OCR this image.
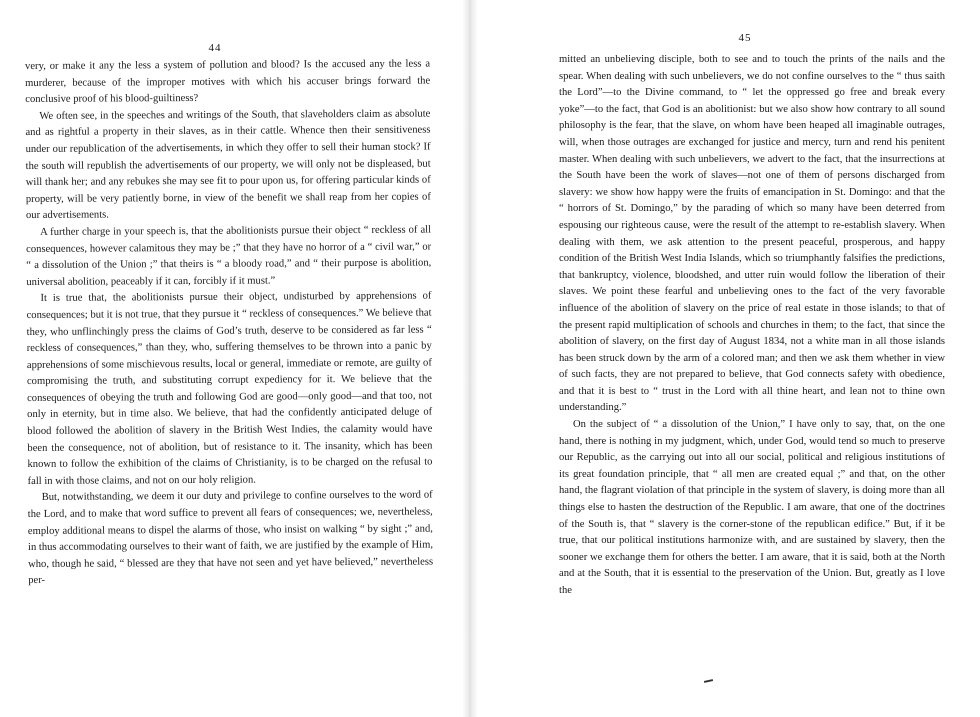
44

very, or make it any the less a system of pollution and blood? Is the accused any the less a murderer, because of the improper motives with which his accuser brings forward the conclusive proof of his blood-guiltiness?

We often see, in the speeches and writings of the South, that slaveholders claim as absolute and as rightful a property in their slaves, as in their cattle. Whence then their sensitiveness under our republication of the advertisements, in which they offer to sell their human stock? If the south will republish the advertisements of our property, we will only not be displeased, but will thank her; and any rebukes she may see fit to pour upon us, for offering particular kinds of property, will be very patiently borne, in view of the benefit we shall reap from her copies of our advertisements.

A further charge in your speech is, that the abolitionists pursue their object “ reckless of all consequences, however calamitous they may be ;” that they have no horror of a “ civil war,” or “ a dissolution of the Union ;” that theirs is “ a bloody road,” and “ their purpose is abolition, universal abolition, peaceably if it can, forcibly if it must.”

It is true that, the abolitionists pursue their object, undisturbed by apprehensions of consequences; but it is not true, that they pursue it “ reckless of consequences.” We believe that they, who unflinchingly press the claims of God’s truth, deserve to be considered as far less “ reckless of consequences,” than they, who, suffering themselves to be thrown into a panic by apprehensions of some mischievous results, local or general, immediate or remote, are guilty of compromising the truth, and substituting corrupt expediency for it. We believe that the consequences of obeying the truth and following God are good—only good—and that too, not only in eternity, but in time also. We believe, that had the confidently anticipated deluge of blood followed the abolition of slavery in the British West Indies, the calamity would have been the consequence, not of abolition, but of resistance to it. The insanity, which has been known to follow the exhibition of the claims of Christianity, is to be charged on the refusal to fall in with those claims, and not on our holy religion.

But, notwithstanding, we deem it our duty and privilege to confine ourselves to the word of the Lord, and to make that word suffice to prevent all fears of consequences; we, nevertheless, employ additional means to dispel the alarms of those, who insist on walking “ by sight ;” and, in thus accommodating ourselves to their want of faith, we are justified by the example of Him, who, though he said, “ blessed are they that have not seen and yet have believed,” nevertheless per-

45

mitted an unbelieving disciple, both to see and to touch the prints of the nails and the spear. When dealing with such unbelievers, we do not confine ourselves to the “ thus saith the Lord”—to the Divine command, to “ let the oppressed go free and break every yoke”—to the fact, that God is an abolitionist: but we also show how contrary to all sound philosophy is the fear, that the slave, on whom have been heaped all imaginable outrages, will, when those outrages are exchanged for justice and mercy, turn and rend his penitent master. When dealing with such unbelievers, we advert to the fact, that the insurrections at the South have been the work of slaves—not one of them of persons discharged from slavery: we show how happy were the fruits of emancipation in St. Domingo: and that the “ horrors of St. Domingo,” by the parading of which so many have been deterred from espousing our righteous cause, were the result of the attempt to re-establish slavery. When dealing with them, we ask attention to the present peaceful, prosperous, and happy condition of the British West India Islands, which so triumphantly falsifies the predictions, that bankruptcy, violence, bloodshed, and utter ruin would follow the liberation of their slaves. We point these fearful and unbelieving ones to the fact of the very favorable influence of the abolition of slavery on the price of real estate in those islands; to that of the present rapid multiplication of schools and churches in them; to the fact, that since the abolition of slavery, on the first day of August 1834, not a white man in all those islands has been struck down by the arm of a colored man; and then we ask them whether in view of such facts, they are not prepared to believe, that God connects safety with obedience, and that it is best to “ trust in the Lord with all thine heart, and lean not to thine own understanding.”

On the subject of “ a dissolution of the Union,” I have only to say, that, on the one hand, there is nothing in my judgment, which, under God, would tend so much to preserve our Republic, as the carrying out into all our social, political and religious institutions of its great foundation principle, that “ all men are created equal ;” and that, on the other hand, the flagrant violation of that principle in the system of slavery, is doing more than all things else to hasten the destruction of the Republic. I am aware, that one of the doctrines of the South is, that “ slavery is the corner-stone of the republican edifice.” But, if it be true, that our political institutions harmonize with, and are sustained by slavery, then the sooner we exchange them for others the better. I am aware, that it is said, both at the North and at the South, that it is essential to the preservation of the Union. But, greatly as I love the
